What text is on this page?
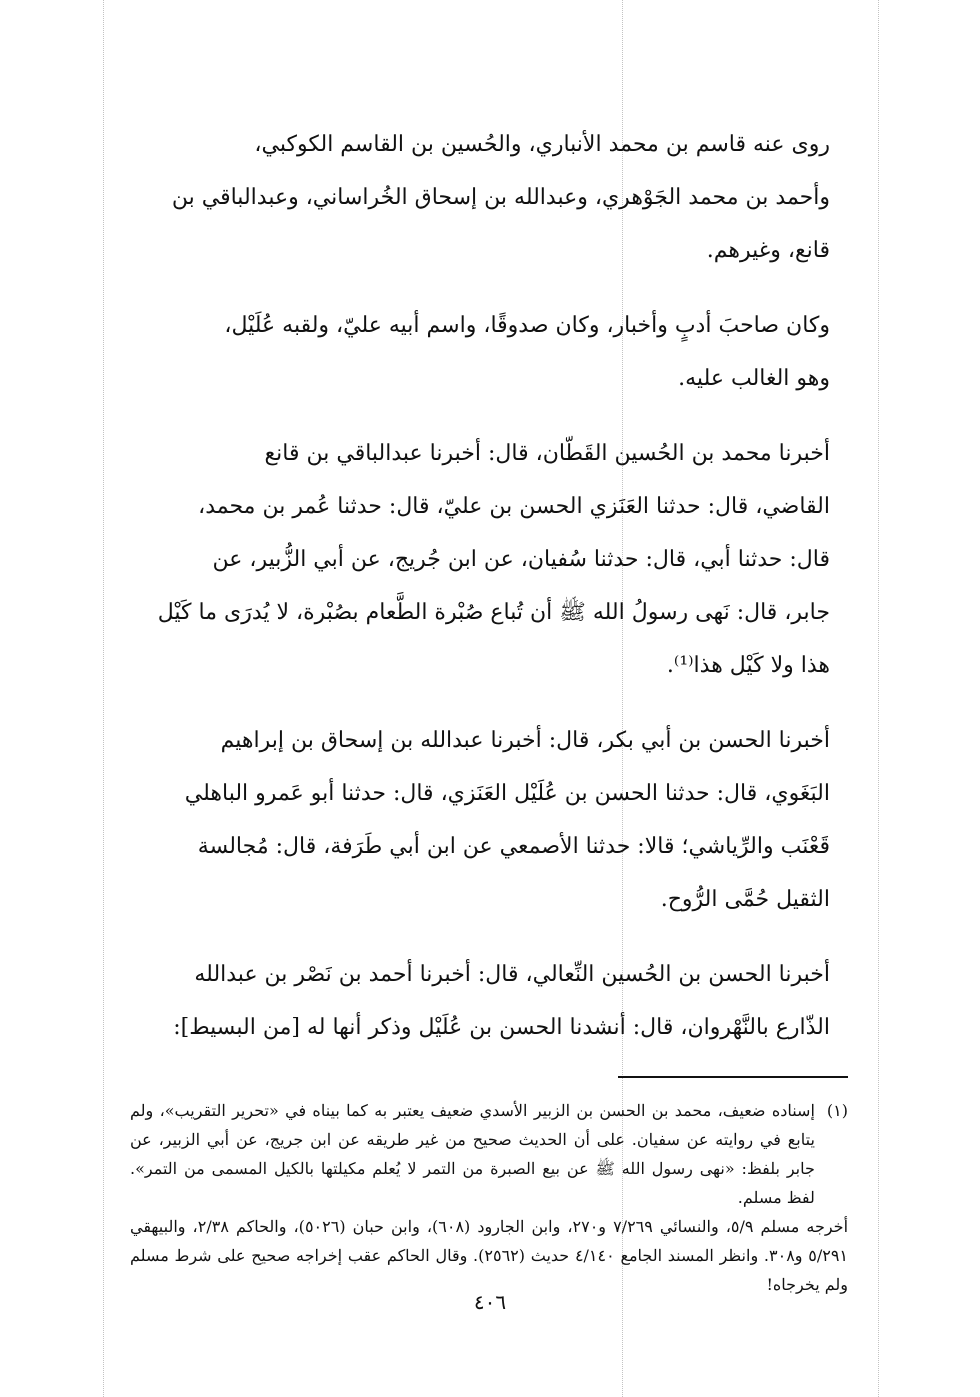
روى عنه قاسم بن محمد الأنباري، والحُسين بن القاسم الكوكبي،
وأحمد بن محمد الجَوْهري، وعبدالله بن إسحاق الخُراساني، وعبدالباقي بن
قانع، وغيرهم.

وكان صاحبَ أدبٍ وأخبار، وكان صدوقًا، واسم أبيه عليّ، ولقبه عُلَيْل،
وهو الغالب عليه.

أخبرنا محمد بن الحُسين القَطّان، قال: أخبرنا عبدالباقي بن قانع
القاضي، قال: حدثنا العَنَزي الحسن بن عليّ، قال: حدثنا عُمر بن محمد،
قال: حدثنا أبي، قال: حدثنا سُفيان، عن ابن جُريج، عن أبي الزُّبير، عن
جابر، قال: نَهى رسولُ الله ﷺ أن تُباع صُبْرة الطَّعام بصُبْرة، لا يُدرَى ما كَيْل
هذا ولا كَيْل هذا⁽¹⁾.

أخبرنا الحسن بن أبي بكر، قال: أخبرنا عبدالله بن إسحاق بن إبراهيم
البَغَوي، قال: حدثنا الحسن بن عُلَيْل العَنَزي، قال: حدثنا أبو عَمرو الباهلي
قَعْنَب والرِّياشي؛ قالا: حدثنا الأصمعي عن ابن أبي طَرَفة، قال: مُجالسة
الثقيل حُمَّى الرُّوح.

أخبرنا الحسن بن الحُسين النِّعالي، قال: أخبرنا أحمد بن نَصْر بن عبدالله
الذّارع بالنَّهْروان، قال: أنشدنا الحسن بن عُلَيْل وذكر أنها له [من البسيط]:

(١)
إسناده ضعيف، محمد بن الحسن بن الزبير الأسدي ضعيف يعتبر به كما بيناه في «تحرير التقريب»، ولم يتابع في روايته عن سفيان. على أن الحديث صحيح من غير طريقه عن ابن جريج، عن أبي الزبير، عن جابر بلفظ: «نهى رسول الله ﷺ عن بيع الصبرة من التمر لا يُعلم مكيلتها بالكيل المسمى من التمر». لفظ مسلم.
أخرجه مسلم ٥/٩، والنسائي ٧/٢٦٩ و٢٧٠، وابن الجارود (٦٠٨)، وابن حبان (٥٠٢٦)، والحاكم ٢/٣٨، والبيهقي ٥/٢٩١ و٣٠٨. وانظر المسند الجامع ٤/١٤٠ حديث (٢٥٦٢). وقال الحاكم عقب إخراجه صحيح على شرط مسلم ولم يخرجاه!
٤٠٦
